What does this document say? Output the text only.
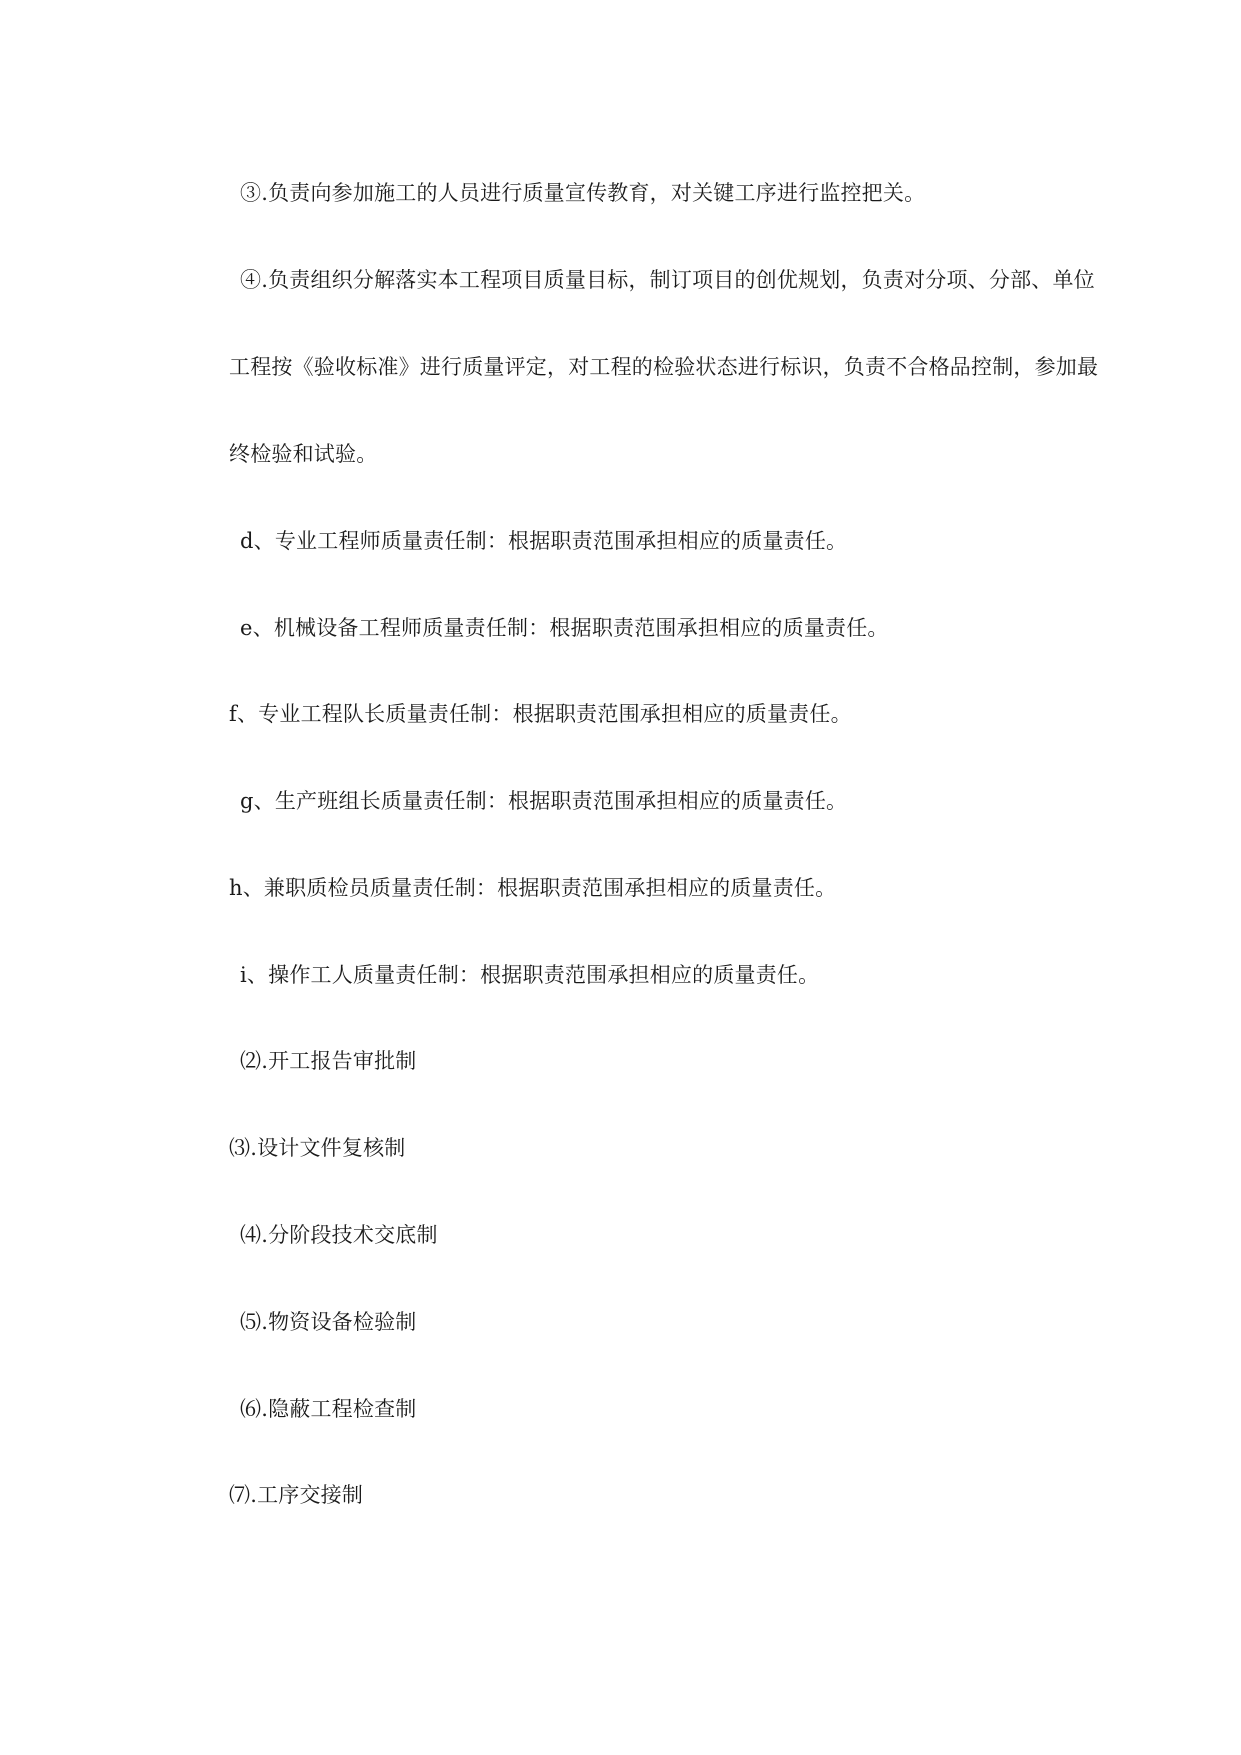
③.负责向参加施工的人员进行质量宣传教育，对关键工序进行监控把关。
④.负责组织分解落实本工程项目质量目标，制订项目的创优规划，负责对分项、分部、单位
工程按《验收标准》进行质量评定，对工程的检验状态进行标识，负责不合格品控制，参加最
终检验和试验。
d、专业工程师质量责任制：根据职责范围承担相应的质量责任。
e、机械设备工程师质量责任制：根据职责范围承担相应的质量责任。
f、专业工程队长质量责任制：根据职责范围承担相应的质量责任。
g、生产班组长质量责任制：根据职责范围承担相应的质量责任。
h、兼职质检员质量责任制：根据职责范围承担相应的质量责任。
i、操作工人质量责任制：根据职责范围承担相应的质量责任。
⑵.开工报告审批制
⑶.设计文件复核制
⑷.分阶段技术交底制
⑸.物资设备检验制
⑹.隐蔽工程检查制
⑺.工序交接制
